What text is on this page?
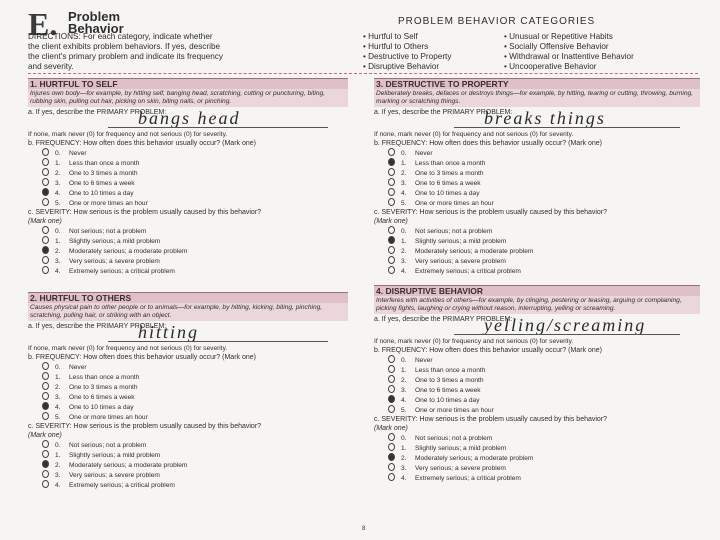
E. Problem
Behavior	PROBLEM BEHAVIOR CATEGORIES
DIRECTIONS: For each category, indicate whether
the client exhibits problem behaviors. If yes, describe
the client's primary problem and indicate its frequency
and severity.
• Hurtful to Self
• Hurtful to Others
• Destructive to Property
• Disruptive Behavior
• Unusual or Repetitive Habits
• Socially Offensive Behavior
• Withdrawal or Inattentive Behavior
• Uncooperative Behavior
1. HURTFUL TO SELF
Injures own body—for example, by hitting self, banging head, scratching, cutting or puncturing, biting, rubbing skin, pulling out hair, picking on skin, biting nails, or pinching.
a. If yes, describe the PRIMARY PROBLEM:
bangs head
If none, mark never (0) for frequency and not serious (0) for severity.
b. FREQUENCY: How often does this behavior usually occur? (Mark one)
0. Never
1. Less than once a month
2. One to 3 times a month
3. One to 6 times a week
4. One to 10 times a day
5. One or more times an hour
c. SEVERITY: How serious is the problem usually caused by this behavior?
(Mark one)
0. Not serious; not a problem
1. Slightly serious; a mild problem
2. Moderately serious; a moderate problem
3. Very serious; a severe problem
4. Extremely serious; a critical problem
3. DESTRUCTIVE TO PROPERTY
Deliberately breaks, defaces or destroys things—for example, by hitting, tearing or cutting, throwing, burning, marking or scratching things.
a. If yes, describe the PRIMARY PROBLEM:
breaks things
If none, mark never (0) for frequency and not serious (0) for severity.
b. FREQUENCY: How often does this behavior usually occur? (Mark one)
0. Never
1. Less than once a month
2. One to 3 times a month
3. One to 6 times a week
4. One to 10 times a day
5. One or more times an hour
c. SEVERITY: How serious is the problem usually caused by this behavior?
(Mark one)
0. Not serious; not a problem
1. Slightly serious; a mild problem
2. Moderately serious; a moderate problem
3. Very serious; a severe problem
4. Extremely serious; a critical problem
2. HURTFUL TO OTHERS
Causes physical pain to other people or to animals—for example, by hitting, kicking, biting, pinching, scratching, pulling hair, or striking with an object.
a. If yes, describe the PRIMARY PROBLEM:
hitting
If none, mark never (0) for frequency and not serious (0) for severity.
b. FREQUENCY: How often does this behavior usually occur? (Mark one)
0. Never
1. Less than once a month
2. One to 3 times a month
3. One to 6 times a week
4. One to 10 times a day
5. One or more times an hour
c. SEVERITY: How serious is the problem usually caused by this behavior?
(Mark one)
0. Not serious; not a problem
1. Slightly serious; a mild problem
2. Moderately serious; a moderate problem
3. Very serious; a severe problem
4. Extremely serious; a critical problem
4. DISRUPTIVE BEHAVIOR
Interferes with activities of others—for example, by clinging, pestering or teasing, arguing or complaining, picking fights, laughing or crying without reason, interrupting, yelling or screaming.
a. If yes, describe the PRIMARY PROBLEM:
yelling/screaming
If none, mark never (0) for frequency and not serious (0) for severity.
b. FREQUENCY: How often does this behavior usually occur? (Mark one)
0. Never
1. Less than once a month
2. One to 3 times a month
3. One to 6 times a week
4. One to 10 times a day
5. One or more times an hour
c. SEVERITY: How serious is the problem usually caused by this behavior?
(Mark one)
0. Not serious; not a problem
1. Slightly serious; a mild problem
2. Moderately serious; a moderate problem
3. Very serious; a severe problem
4. Extremely serious; a critical problem
8
